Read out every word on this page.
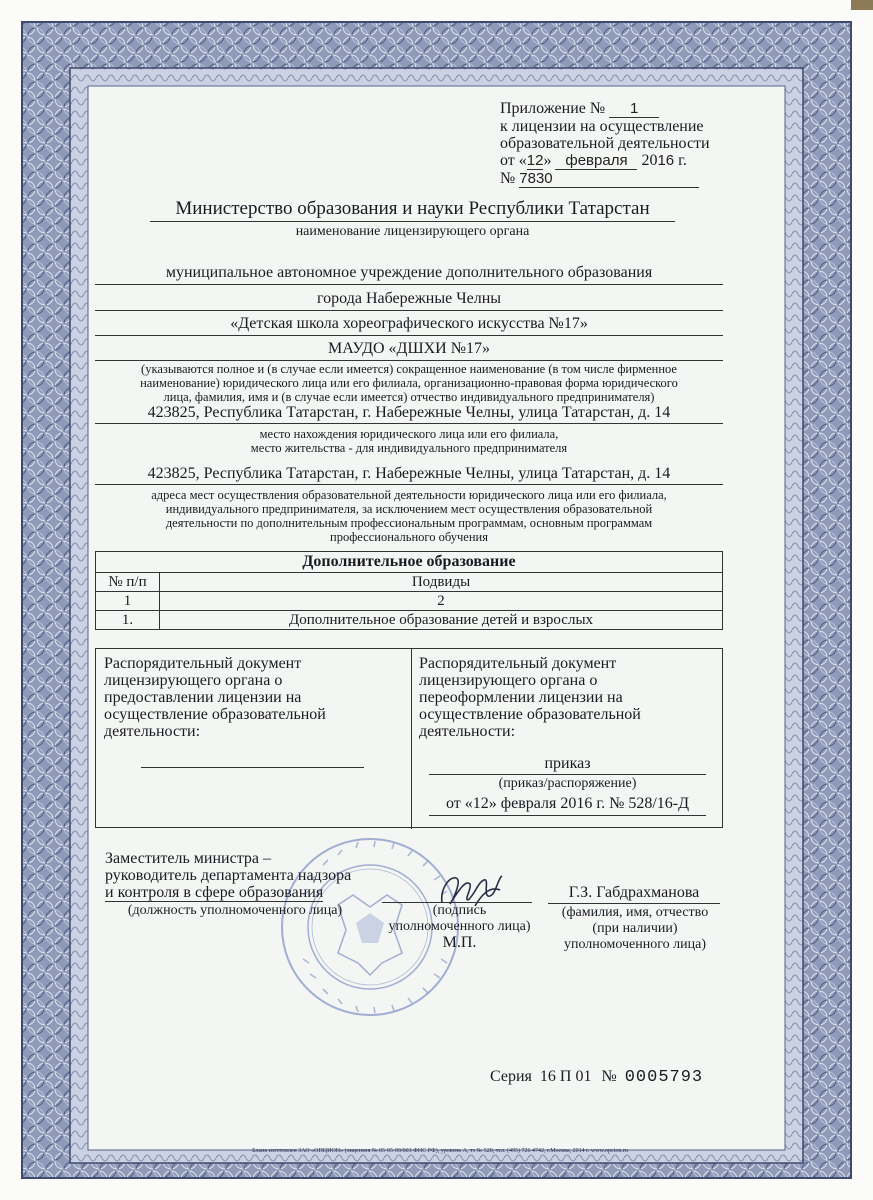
Приложение № 1
к лицензии на осуществление
образовательной деятельности
от «12» февраля 2016 г.
№ 7830
Министерство образования и науки Республики Татарстан
наименование лицензирующего органа
муниципальное автономное учреждение дополнительного образования
города Набережные Челны
«Детская школа хореографического искусства №17»
МАУДО «ДШХИ №17»
(указываются полное и (в случае если имеется) сокращенное наименование (в том числе фирменное
наименование) юридического лица или его филиала, организационно-правовая форма юридического
лица, фамилия, имя и (в случае если имеется) отчество индивидуального предпринимателя)
423825, Республика Татарстан, г. Набережные Челны, улица Татарстан, д. 14
место нахождения юридического лица или его филиала,
место жительства - для индивидуального предпринимателя
423825, Республика Татарстан, г. Набережные Челны, улица Татарстан, д. 14
адреса мест осуществления образовательной деятельности юридического лица или его филиала,
индивидуального предпринимателя, за исключением мест осуществления образовательной
деятельности по дополнительным профессиональным программам, основным программам
профессионального обучения
Дополнительное образование	
№ п/п	Подвиды
1	2
1.	Дополнительное образование детей и взрослых
Распорядительный документ
лицензирующего органа о
предоставлении лицензии на
осуществление образовательной
деятельности:
Распорядительный документ
лицензирующего органа о
переоформлении лицензии на
осуществление образовательной
деятельности:
приказ
(приказ/распоряжение)
от «12» февраля 2016 г. № 528/16-Д
Заместитель министра –
руководитель департамента надзора
и контроля в сфере образования
(должность уполномоченного лица)	(подпись
уполномоченного лица)
М.П.
Г.З. Габдрахманова
(фамилия, имя, отчество
(при наличии)
уполномоченного лица)
Серия 16 П 01 № 0005793
Бланк изготовлен ЗАО «ОПЦИОН» (лицензия № 05-05-09/003 ФНС РФ), уровень А, тз № 520, тел. (495) 726 4742, г.Москва, 2014 г. www.opcion.ru
